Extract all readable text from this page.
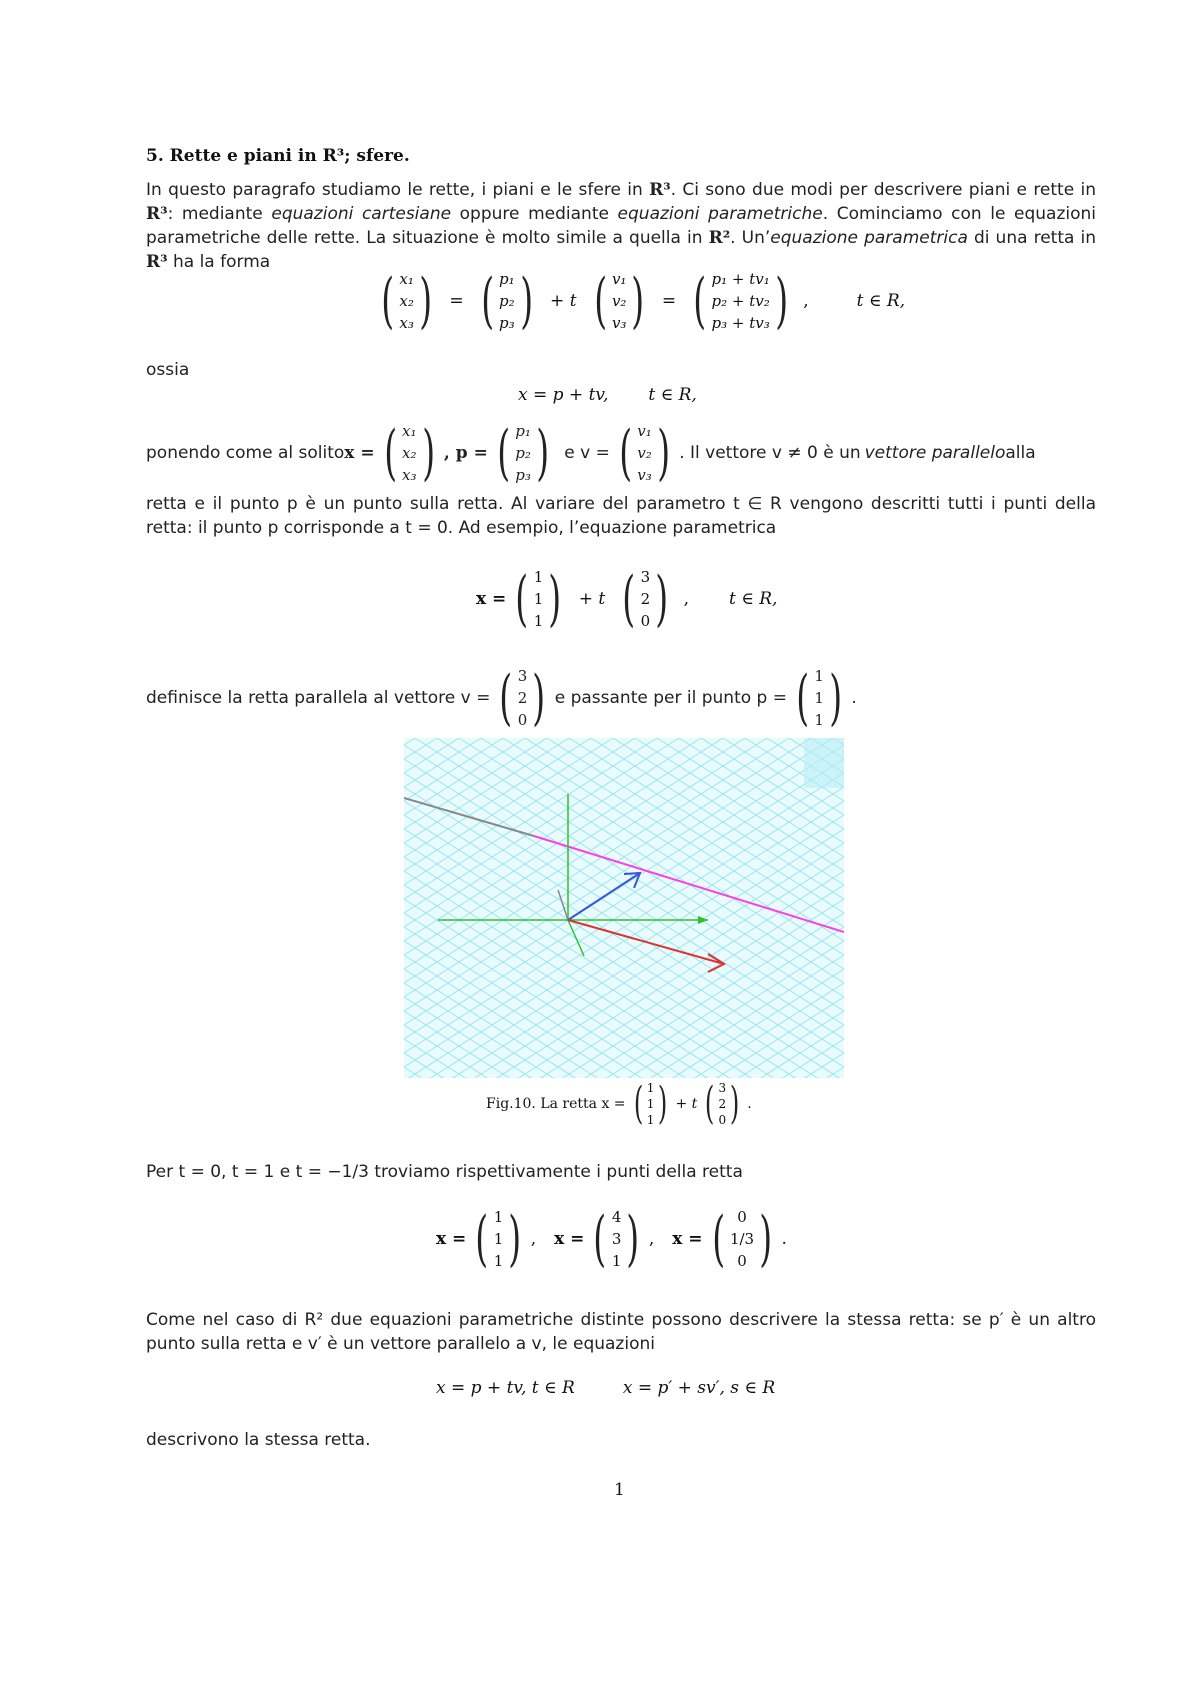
5. Rette e piani in R³; sfere.
In questo paragrafo studiamo le rette, i piani e le sfere in R³. Ci sono due modi per descrivere piani e rette in R³: mediante equazioni cartesiane oppure mediante equazioni parametriche. Cominciamo con le equazioni parametriche delle rette. La situazione è molto simile a quella in R². Un’equazione parametrica di una retta in R³ ha la forma
( x₁
x₂
x₃ ) = ( p₁
p₂
p₃ ) + t ( v₁
v₂
v₃ ) = ( p₁ + tv₁
p₂ + tv₂
p₃ + tv₃ ) ,	t ∈ R,
ossia
x = p + tv, t ∈ R,
ponendo come al solito x = ( x₁
x₂
x₃ ) , p = ( p₁
p₂
p₃ ) e v = ( v₁
v₂
v₃ ) . Il vettore v ≠ 0 è un vettore parallelo alla
retta e il punto p è un punto sulla retta. Al variare del parametro t ∈ R vengono descritti tutti i punti della retta: il punto p corrisponde a t = 0. Ad esempio, l’equazione parametrica
x = ( 1
1
1 ) + t ( 3
2
0 ) , t ∈ R,
definisce la retta parallela al vettore v = ( 3
2
0 ) e passante per il punto p = ( 1
1
1 ) .
Fig.10. La retta x = ( 1
1
1 ) + t ( 3
2
0 ) .
Per t = 0, t = 1 e t = −1/3 troviamo rispettivamente i punti della retta
x = ( 1
1
1 ) , x = ( 4
3
1 ) , x = ( 0
1/3
0 ) .
Come nel caso di R² due equazioni parametriche distinte possono descrivere la stessa retta: se p′ è un altro punto sulla retta e v′ è un vettore parallelo a v, le equazioni
x = p + tv, t ∈ R	x = p′ + sv′, s ∈ R
descrivono la stessa retta.
1
